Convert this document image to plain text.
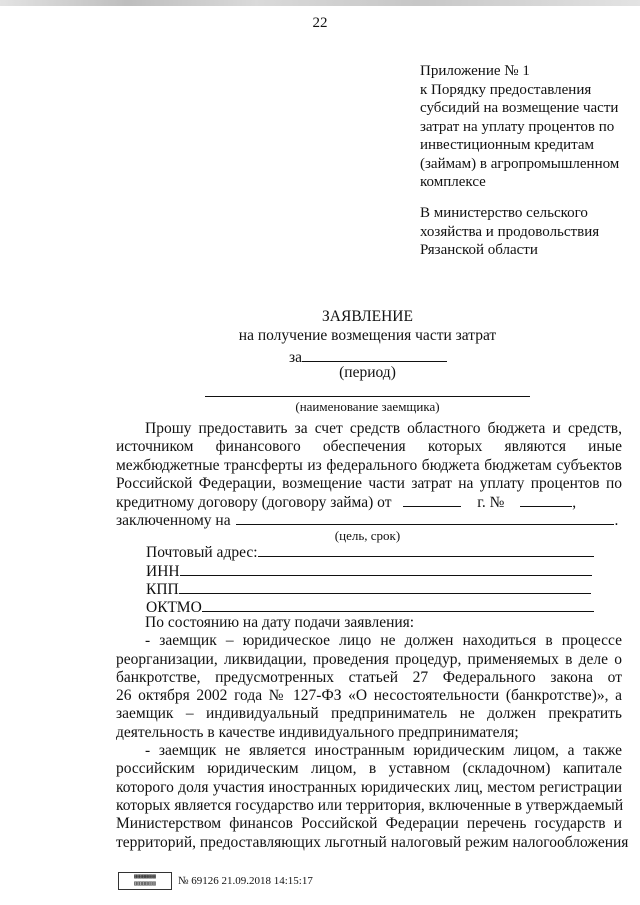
22
Приложение № 1
к Порядку предоставления
субсидий на возмещение части
затрат на уплату процентов по
инвестиционным кредитам
(займам) в агропромышленном
комплексе
В министерство сельского
хозяйства и продовольствия
Рязанской области
ЗАЯВЛЕНИЕ
на получение возмещения части затрат
за
(период)
(наименование заемщика)
Прошу предоставить за счет средств областного бюджета и средств,
источником финансового обеспечения которых являются иные
межбюджетные трансферты из федерального бюджета бюджетам субъектов
Российской Федерации, возмещение части затрат на уплату процентов по
кредитному договору (договору займа) от	г. №	,
заключенному на	.
(цель, срок)
Почтовый адрес:
ИНН
КПП
ОКТМО
По состоянию на дату подачи заявления:
- заемщик – юридическое лицо не должен находиться в процессе
реорганизации, ликвидации, проведения процедур, применяемых в деле о
банкротстве, предусмотренных статьей 27 Федерального закона от
26 октября 2002 года № 127-ФЗ «О несостоятельности (банкротстве)», а
заемщик – индивидуальный предприниматель не должен прекратить
деятельность в качестве индивидуального предпринимателя;
- заемщик не является иностранным юридическим лицом, а также
российским юридическим лицом, в уставном (складочном) капитале
которого доля участия иностранных юридических лиц, местом регистрации
которых является государство или территория, включенные в утверждаемый
Министерством финансов Российской Федерации перечень государств и
территорий, предоставляющих льготный налоговый режим налогообложения
▦▦▦▦▦▦
▥▥▥▥▥▥	№ 69126 21.09.2018 14:15:17
